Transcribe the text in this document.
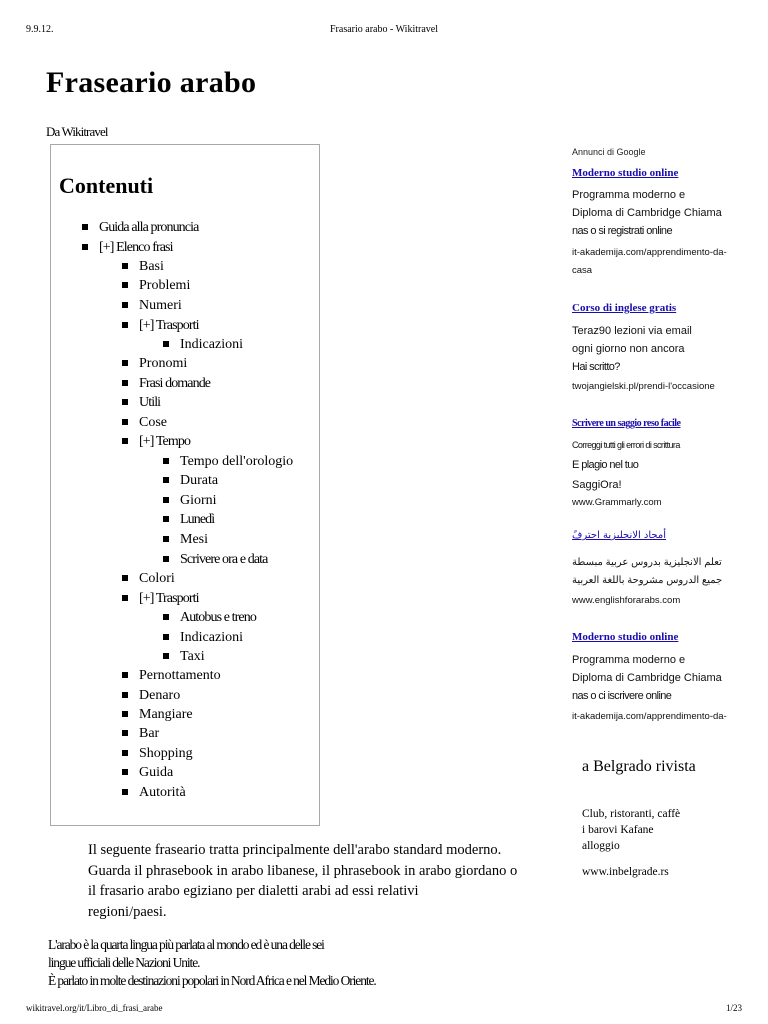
9.9.12.	Frasario arabo - Wikitravel
Fraseario arabo
Da Wikitravel
Contenuti
Guida alla pronuncia
[+] Elenco frasi
Basi
Problemi
Numeri
[+] Trasporti
Indicazioni
Pronomi
Frasi domande
Utili
Cose
[+] Tempo
Tempo dell'orologio
Durata
Giorni
Lunedì
Mesi
Scrivere ora e data
Colori
[+] Trasporti
Autobus e treno
Indicazioni
Taxi
Pernottamento
Denaro
Mangiare
Bar
Shopping
Guida
Autorità
Annunci di Google
Moderno studio online
Programma moderno e
Diploma di Cambridge Chiama
nas o si registrati online
it-akademija.com/apprendimento-da-
casa
Corso di inglese gratis
Teraz90 lezioni via email
ogni giorno non ancora
Hai scritto?
twojangielski.pl/prendi-l'occasione
Scrivere un saggio reso facile
Correggi tutti gli errori di scrittura
E plagio nel tuo
SaggiOra!
www.Grammarly.com
أمجاد الانجليزية احترفً
تعلم الانجليزية بدروس عربية مبسطة
جميع الدروس مشروحة باللغة العربية
www.englishforarabs.com
Moderno studio online
Programma moderno e
Diploma di Cambridge Chiama
nas o ci iscrivere online
it-akademija.com/apprendimento-da-
a Belgrado rivista
Club, ristoranti, caffè
i barovi Kafane
alloggio
www.inbelgrade.rs
Il seguente fraseario tratta principalmente dell'arabo standard moderno.
Guarda il phrasebook in arabo libanese, il phrasebook in arabo giordano o
il frasario arabo egiziano per dialetti arabi ad essi relativi
regioni/paesi.
L'arabo è la quarta lingua più parlata al mondo ed è una delle sei
lingue ufficiali delle Nazioni Unite.
È parlato in molte destinazioni popolari in Nord Africa e nel Medio Oriente.
wikitravel.org/it/Libro_di_frasi_arabe	1/23
